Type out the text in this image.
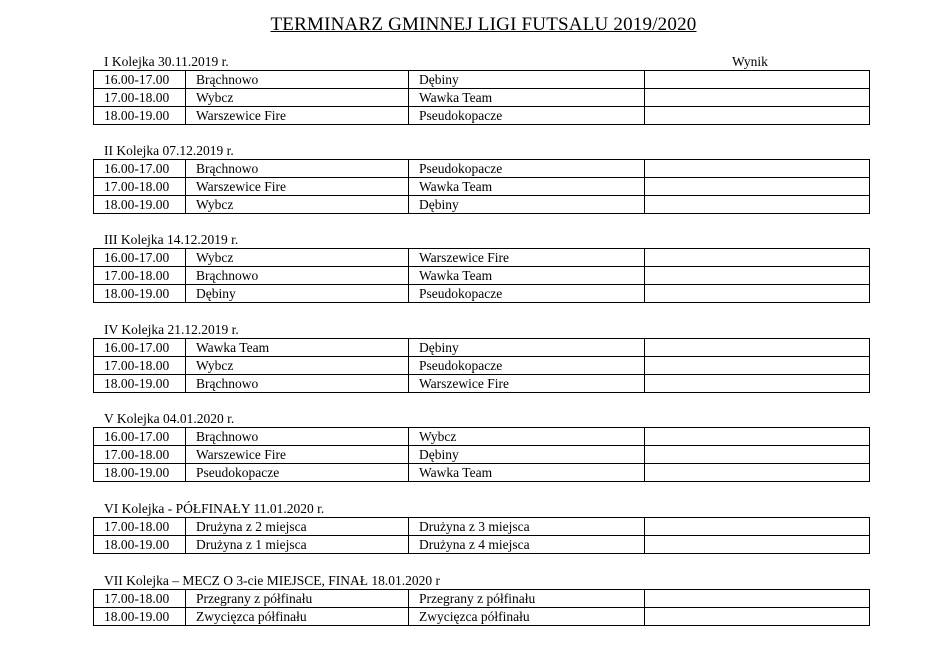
TERMINARZ GMINNEJ LIGI FUTSALU 2019/2020
I Kolejka 30.11.2019 r.	Wynik
16.00-17.00	Brąchnowo	Dębiny	
17.00-18.00	Wybcz	Wawka Team	
18.00-19.00	Warszewice Fire	Pseudokopacze	
II Kolejka 07.12.2019 r.
16.00-17.00	Brąchnowo	Pseudokopacze	
17.00-18.00	Warszewice Fire	Wawka Team	
18.00-19.00	Wybcz	Dębiny	
III Kolejka 14.12.2019 r.
16.00-17.00	Wybcz	Warszewice Fire	
17.00-18.00	Brąchnowo	Wawka Team	
18.00-19.00	Dębiny	Pseudokopacze	
IV Kolejka 21.12.2019 r.
16.00-17.00	Wawka Team	Dębiny	
17.00-18.00	Wybcz	Pseudokopacze	
18.00-19.00	Brąchnowo	Warszewice Fire	
V Kolejka 04.01.2020 r.
16.00-17.00	Brąchnowo	Wybcz	
17.00-18.00	Warszewice Fire	Dębiny	
18.00-19.00	Pseudokopacze	Wawka Team	
VI Kolejka - PÓŁFINAŁY 11.01.2020 r.
17.00-18.00	Drużyna z 2 miejsca	Drużyna z 3 miejsca	
18.00-19.00	Drużyna z 1 miejsca	Drużyna z 4 miejsca	
VII Kolejka – MECZ O 3-cie MIEJSCE, FINAŁ 18.01.2020 r
17.00-18.00	Przegrany z półfinału	Przegrany z półfinału	
18.00-19.00	Zwycięzca półfinału	Zwycięzca półfinału	
